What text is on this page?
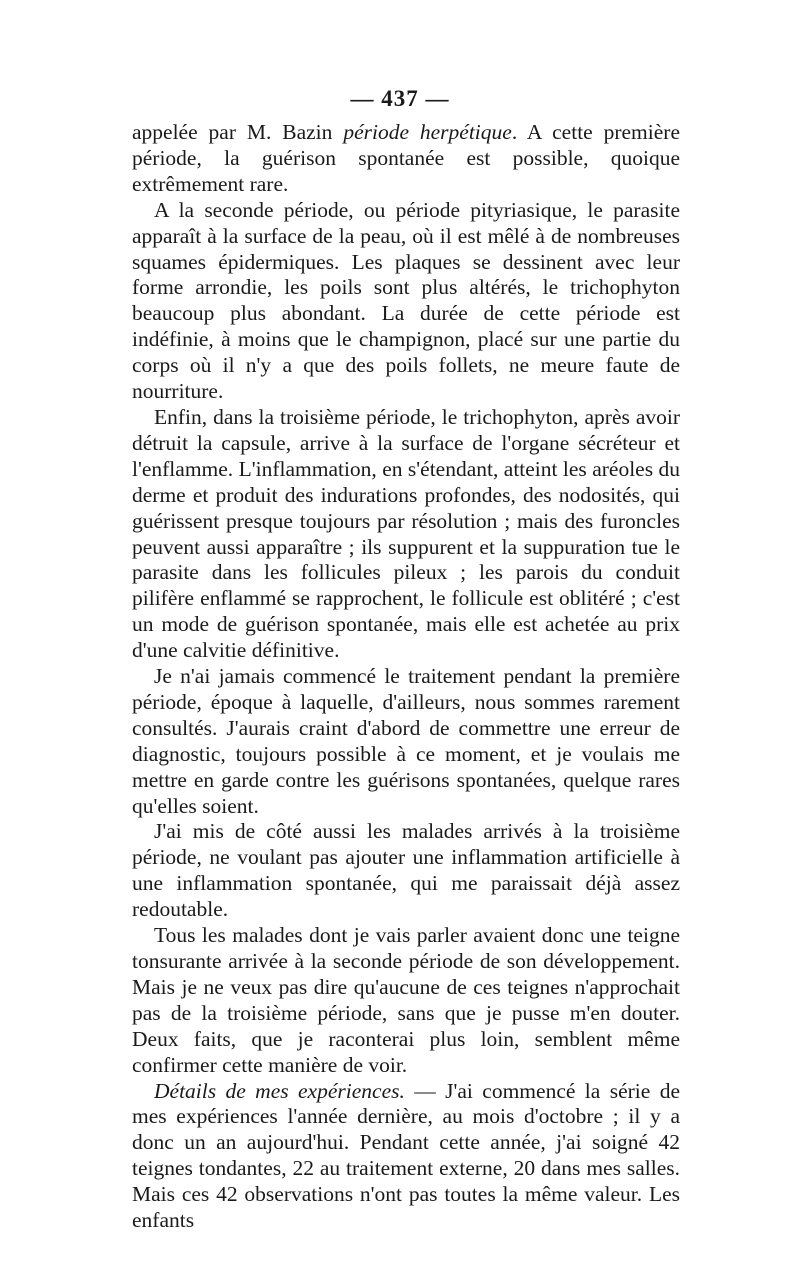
— 437 —

appelée par M. Bazin période herpétique. A cette première période, la guérison spontanée est possible, quoique extrêmement rare.

A la seconde période, ou période pityriasique, le parasite apparaît à la surface de la peau, où il est mêlé à de nombreuses squames épidermiques. Les plaques se dessinent avec leur forme arrondie, les poils sont plus altérés, le trichophyton beaucoup plus abondant. La durée de cette période est indéfinie, à moins que le champignon, placé sur une partie du corps où il n'y a que des poils follets, ne meure faute de nourriture.

Enfin, dans la troisième période, le trichophyton, après avoir détruit la capsule, arrive à la surface de l'organe sécréteur et l'enflamme. L'inflammation, en s'étendant, atteint les aréoles du derme et produit des indurations profondes, des nodosités, qui guérissent presque toujours par résolution ; mais des furoncles peuvent aussi apparaître ; ils suppurent et la suppuration tue le parasite dans les follicules pileux ; les parois du conduit pilifère enflammé se rapprochent, le follicule est oblitéré ; c'est un mode de guérison spontanée, mais elle est achetée au prix d'une calvitie définitive.

Je n'ai jamais commencé le traitement pendant la première période, époque à laquelle, d'ailleurs, nous sommes rarement consultés. J'aurais craint d'abord de commettre une erreur de diagnostic, toujours possible à ce moment, et je voulais me mettre en garde contre les guérisons spontanées, quelque rares qu'elles soient.

J'ai mis de côté aussi les malades arrivés à la troisième période, ne voulant pas ajouter une inflammation artificielle à une inflammation spontanée, qui me paraissait déjà assez redoutable.

Tous les malades dont je vais parler avaient donc une teigne tonsurante arrivée à la seconde période de son développement. Mais je ne veux pas dire qu'aucune de ces teignes n'approchait pas de la troisième période, sans que je pusse m'en douter. Deux faits, que je raconterai plus loin, semblent même confirmer cette manière de voir.

Détails de mes expériences. — J'ai commencé la série de mes expériences l'année dernière, au mois d'octobre ; il y a donc un an aujourd'hui. Pendant cette année, j'ai soigné 42 teignes tondantes, 22 au traitement externe, 20 dans mes salles. Mais ces 42 observations n'ont pas toutes la même valeur. Les enfants
